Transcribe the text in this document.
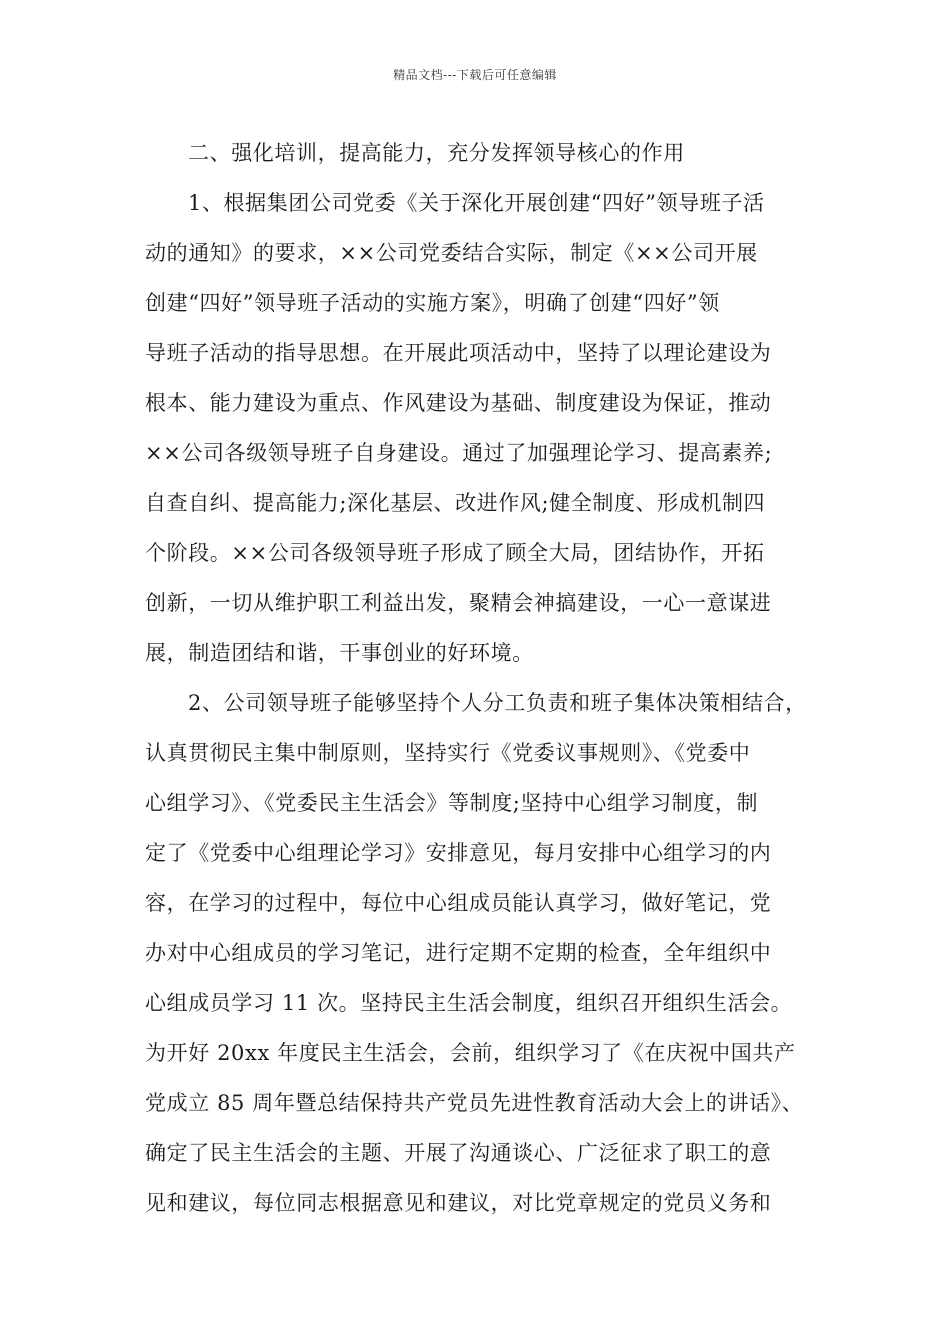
精品文档---下载后可任意编辑
二、强化培训，提高能力，充分发挥领导核心的作用
1、根据集团公司党委《关于深化开展创建“四好”领导班子活
动的通知》的要求，××公司党委结合实际，制定《××公司开展
创建“四好”领导班子活动的实施方案》，明确了创建“四好”领
导班子活动的指导思想。在开展此项活动中，坚持了以理论建设为
根本、能力建设为重点、作风建设为基础、制度建设为保证，推动
××公司各级领导班子自身建设。通过了加强理论学习、提高素养;
自查自纠、提高能力;深化基层、改进作风;健全制度、形成机制四
个阶段。××公司各级领导班子形成了顾全大局，团结协作，开拓
创新，一切从维护职工利益出发，聚精会神搞建设，一心一意谋进
展，制造团结和谐，干事创业的好环境。
2、公司领导班子能够坚持个人分工负责和班子集体决策相结合，
认真贯彻民主集中制原则，坚持实行《党委议事规则》、《党委中
心组学习》、《党委民主生活会》等制度;坚持中心组学习制度，制
定了《党委中心组理论学习》安排意见，每月安排中心组学习的内
容，在学习的过程中，每位中心组成员能认真学习，做好笔记，党
办对中心组成员的学习笔记，进行定期不定期的检查，全年组织中
心组成员学习 11 次。坚持民主生活会制度，组织召开组织生活会。
为开好 20xx 年度民主生活会，会前，组织学习了《在庆祝中国共产
党成立 85 周年暨总结保持共产党员先进性教育活动大会上的讲话》、
确定了民主生活会的主题、开展了沟通谈心、广泛征求了职工的意
见和建议，每位同志根据意见和建议，对比党章规定的党员义务和
